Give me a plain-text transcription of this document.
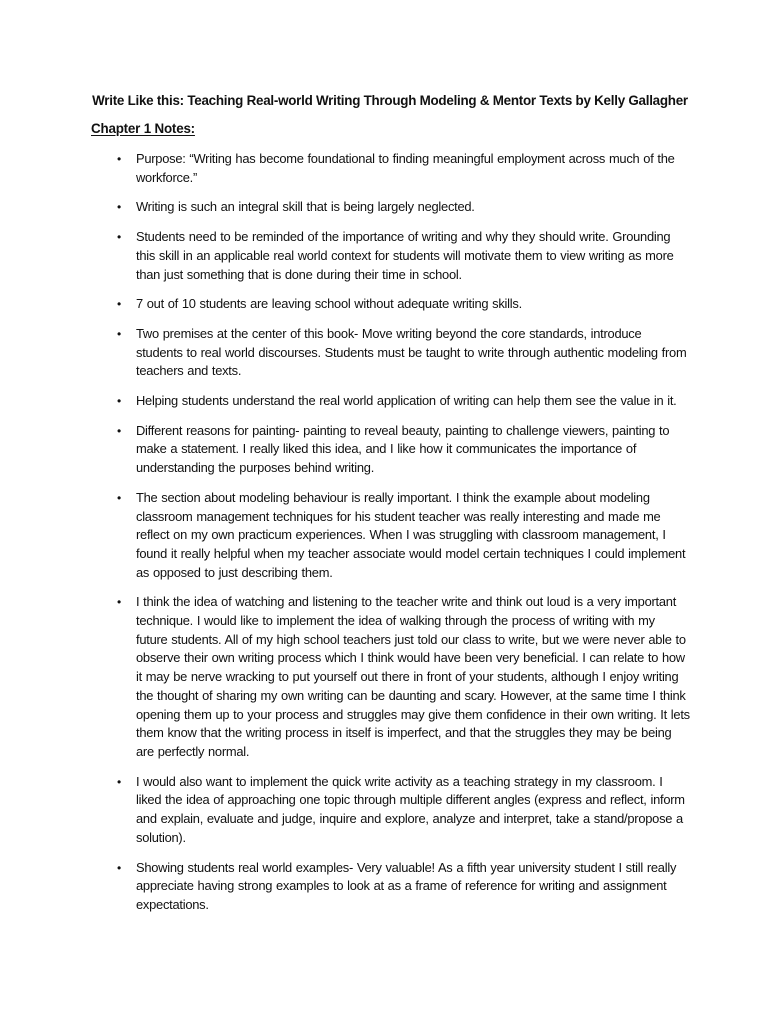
Write Like this: Teaching Real-world Writing Through Modeling & Mentor Texts by Kelly Gallagher
Chapter 1 Notes:
• Purpose: “Writing has become foundational to finding meaningful employment across much of the workforce.”
• Writing is such an integral skill that is being largely neglected.
• Students need to be reminded of the importance of writing and why they should write. Grounding this skill in an applicable real world context for students will motivate them to view writing as more than just something that is done during their time in school.
• 7 out of 10 students are leaving school without adequate writing skills.
• Two premises at the center of this book- Move writing beyond the core standards, introduce students to real world discourses. Students must be taught to write through authentic modeling from teachers and texts.
• Helping students understand the real world application of writing can help them see the value in it.
• Different reasons for painting- painting to reveal beauty, painting to challenge viewers, painting to make a statement. I really liked this idea, and I like how it communicates the importance of understanding the purposes behind writing.
• The section about modeling behaviour is really important. I think the example about modeling classroom management techniques for his student teacher was really interesting and made me reflect on my own practicum experiences. When I was struggling with classroom management, I found it really helpful when my teacher associate would model certain techniques I could implement as opposed to just describing them.
• I think the idea of watching and listening to the teacher write and think out loud is a very important technique. I would like to implement the idea of walking through the process of writing with my future students. All of my high school teachers just told our class to write, but we were never able to observe their own writing process which I think would have been very beneficial. I can relate to how it may be nerve wracking to put yourself out there in front of your students, although I enjoy writing the thought of sharing my own writing can be daunting and scary. However, at the same time I think opening them up to your process and struggles may give them confidence in their own writing. It lets them know that the writing process in itself is imperfect, and that the struggles they may be being are perfectly normal.
• I would also want to implement the quick write activity as a teaching strategy in my classroom. I liked the idea of approaching one topic through multiple different angles (express and reflect, inform and explain, evaluate and judge, inquire and explore, analyze and interpret, take a stand/propose a solution).
• Showing students real world examples- Very valuable! As a fifth year university student I still really appreciate having strong examples to look at as a frame of reference for writing and assignment expectations.
